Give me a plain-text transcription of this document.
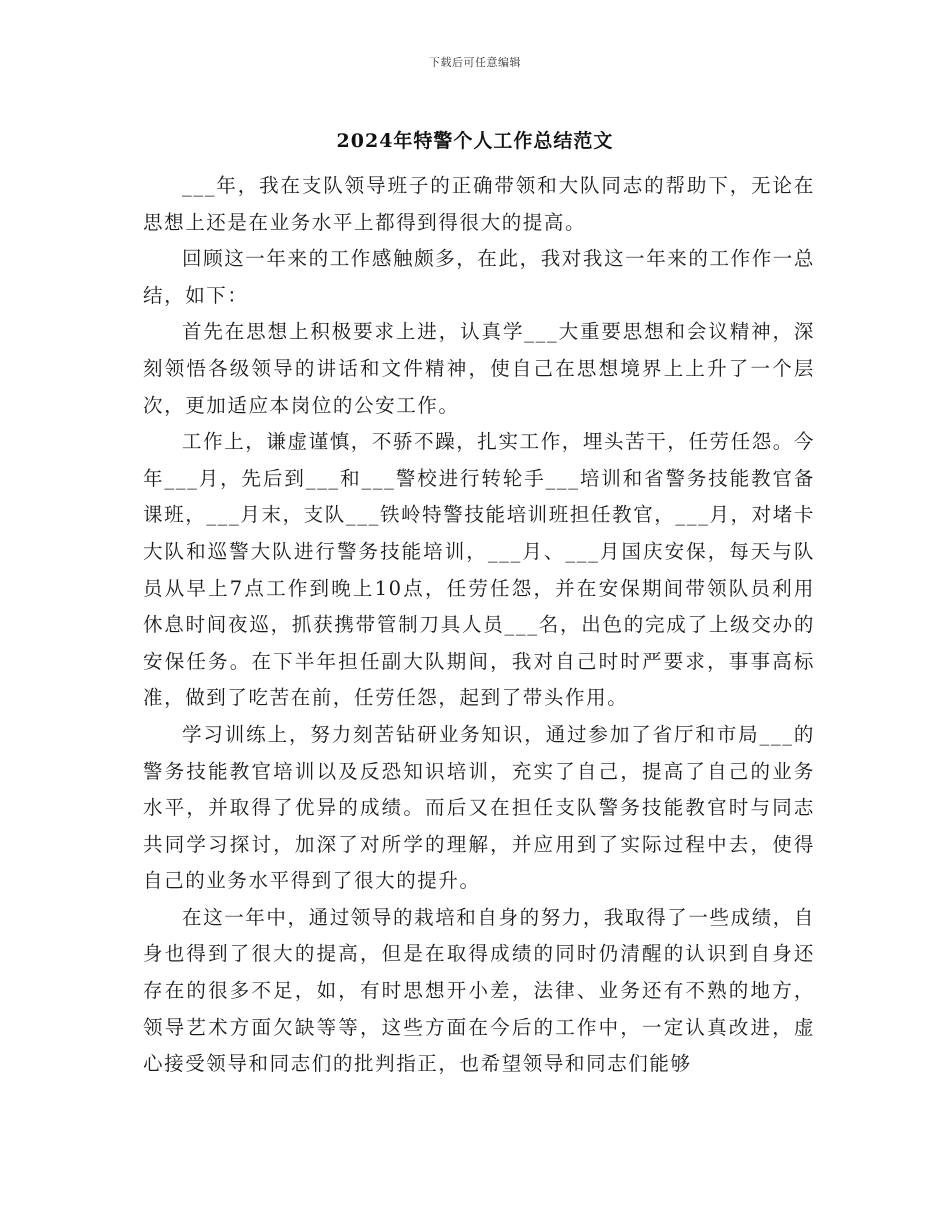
下载后可任意编辑
2024年特警个人工作总结范文

___年，我在支队领导班子的正确带领和大队同志的帮助下，无论在思想上还是在业务水平上都得到得很大的提高。

回顾这一年来的工作感触颇多，在此，我对我这一年来的工作作一总结，如下：

首先在思想上积极要求上进，认真学___大重要思想和会议精神，深刻领悟各级领导的讲话和文件精神，使自己在思想境界上上升了一个层次，更加适应本岗位的公安工作。

工作上，谦虚谨慎，不骄不躁，扎实工作，埋头苦干，任劳任怨。今年___月，先后到___和___警校进行转轮手___培训和省警务技能教官备课班，___月末，支队___铁岭特警技能培训班担任教官，___月，对堵卡大队和巡警大队进行警务技能培训，___月、___月国庆安保，每天与队员从早上7点工作到晚上10点，任劳任怨，并在安保期间带领队员利用休息时间夜巡，抓获携带管制刀具人员___名，出色的完成了上级交办的安保任务。在下半年担任副大队期间，我对自己时时严要求，事事高标准，做到了吃苦在前，任劳任怨，起到了带头作用。

学习训练上，努力刻苦钻研业务知识，通过参加了省厅和市局___的警务技能教官培训以及反恐知识培训，充实了自己，提高了自己的业务水平，并取得了优异的成绩。而后又在担任支队警务技能教官时与同志共同学习探讨，加深了对所学的理解，并应用到了实际过程中去，使得自己的业务水平得到了很大的提升。

在这一年中，通过领导的栽培和自身的努力，我取得了一些成绩，自身也得到了很大的提高，但是在取得成绩的同时仍清醒的认识到自身还存在的很多不足，如，有时思想开小差，法律、业务还有不熟的地方，领导艺术方面欠缺等等，这些方面在今后的工作中，一定认真改进，虚心接受领导和同志们的批判指正，也希望领导和同志们能够
